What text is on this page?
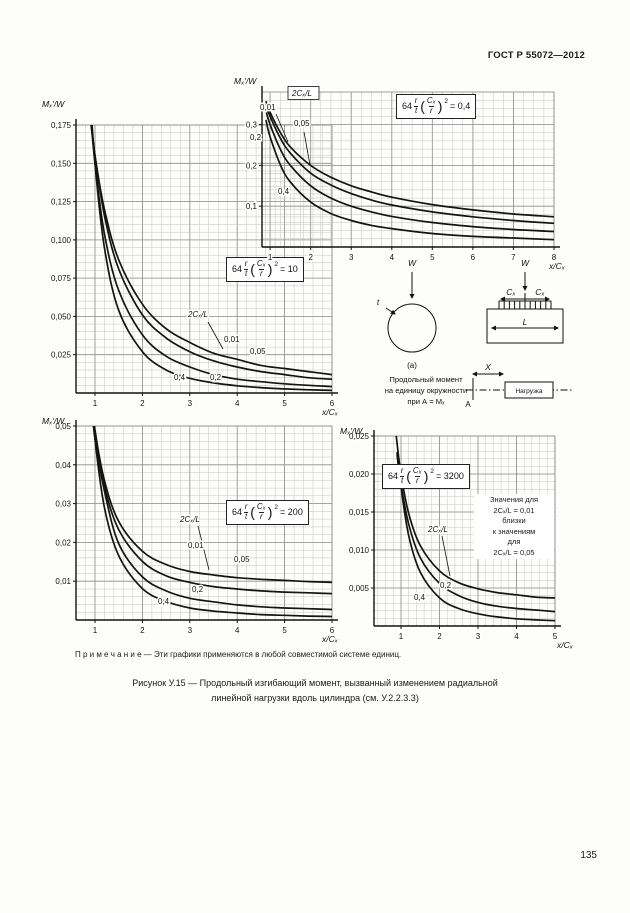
ГОСТ Р 55072—2012
1	2	3	4	5	6
0,025
0,050
0,075
0,100
0,125
0,150
0,175
2Cₓ/L
0,01
0,05
0,2
0,4
Mₓ′/W
x/Cₓ
$64 \frac{r}{t}$ ( $\frac{\text{Cₓ}}{r}$ ) 2 = 10
1	2	3	4	5	6	7	8
0,1
0,2
0,3
2Cₓ/L
0,01
0,05
0,2
0,4
Mₓ′/W
x/Cₓ
$64 \frac{r}{t}$ ( $\frac{\text{Cₓ}}{r}$ ) 2 = 0,4
1	2	3	4	5	6
0,01
0,02
0,03
0,04
0,05
2Cₓ/L
0,01
0,05
0,2
0,4
Mₓ′/W
x/Cₓ
$64 \frac{r}{t}$ ( $\frac{\text{Cₓ}}{r}$ ) 2 = 200
1	2	3	4	5
0,005
0,010
0,015
0,020
0,025
2Cₓ/L
0,2
0,4
Mₓ′/W
x/Cₓ
$64 \frac{r}{t}$ ( $\frac{\text{Cₓ}}{r}$ ) 2 = 3200
Значения для
2Cₓ/L = 0,01
близки
к значениям
для
2Cₓ/L = 0,05
W
t
(а)
Продольный момент
на единицу окружности
при А = Мₓ
W
Cₓ Cₓ
L
X
А
Нагрузка
П р и м е ч а н и е — Эти графики применяются в любой совместимой системе единиц.
Рисунок У.15 — Продольный изгибающий момент, вызванный изменением радиальной линейной нагрузки вдоль цилиндра (см. У.2.2.3.3)
135
